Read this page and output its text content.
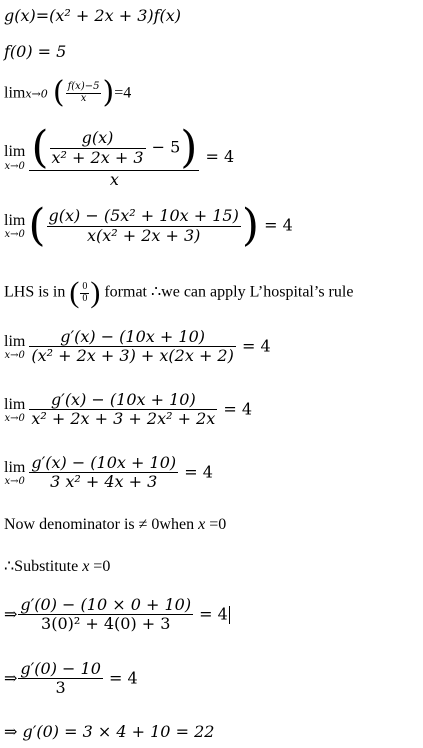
g(x)=(x² + 2x + 3)f(x)
f(0) = 5
limx→0 ( $\frac{f(x)-5}{x} )=4$
lim
$x\to 0 \frac{( \frac{g(x)}{\text{x² + 2x + 3}} - 5)}{x} = 4$
lim
x→0 ( $\frac{\text{g(x) − (5x² + 10x + 15)}}{\text{x(x² + 2x + 3)}}$ ) = 4
LHS is in ( $\frac{0}{0}$ ) format ∴we can apply L’hospital’s rule
lim
$x\to 0 \frac{g'(x) - (10x + 10)}{\text{(x² + 2x + 3) + x(2x + 2)}} = 4$
lim
$x\to 0 \frac{g'(x) - (10x + 10)}{\text{x² + 2x + 3 + 2x² + 2x}} = 4$
lim
$x\to 0 \frac{g'(x) - (10x + 10)}{\text{3 x² + 4x + 3}} = 4$
Now denominator is ≠ 0when x =0
∴Substitute x =0
⇒ $\frac{g'(0) - (10 \times 0 + 10)}{\text{3(0)² + 4(0) + 3}} = 4$
⇒ $\frac{g'(0) - 10}{3} = 4$
⇒ g′(0) = 3 × 4 + 10 = 22
